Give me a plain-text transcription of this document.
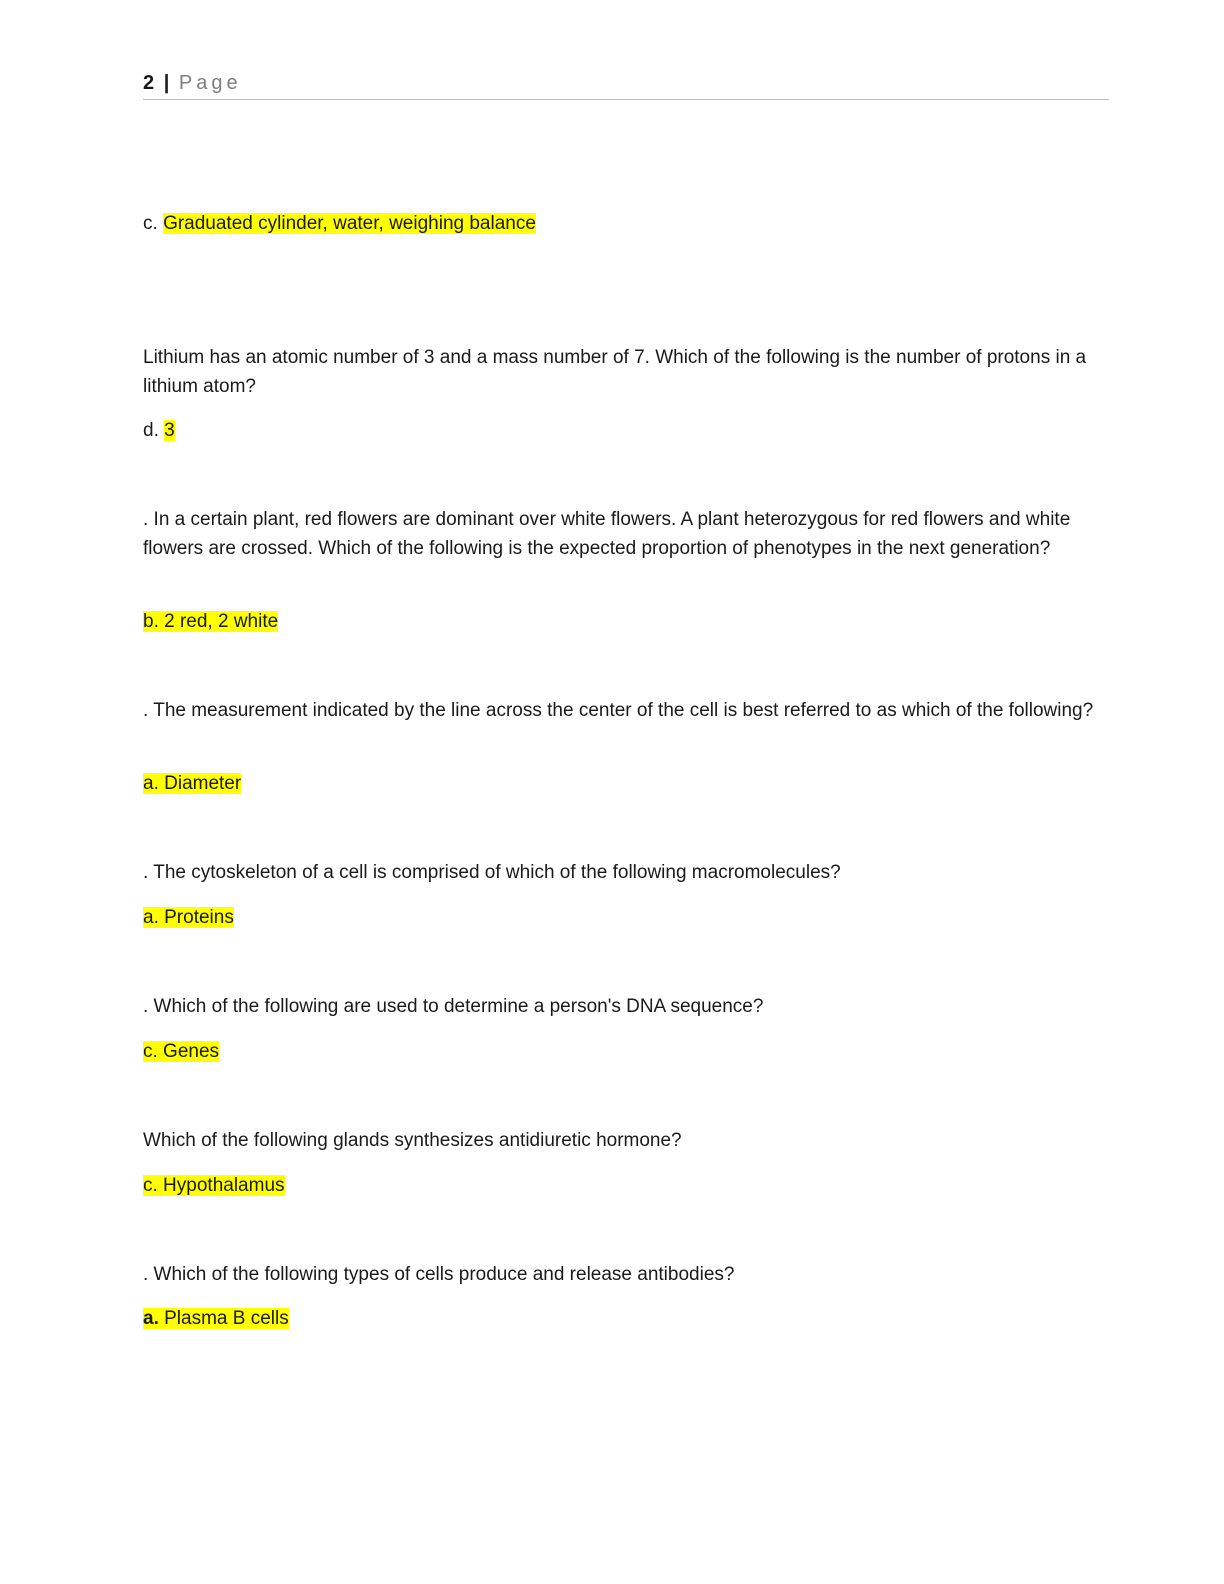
2 | Page
c. Graduated cylinder, water, weighing balance
Lithium has an atomic number of 3 and a mass number of 7. Which of the following is the number of protons in a lithium atom?
d. 3
. In a certain plant, red flowers are dominant over white flowers. A plant heterozygous for red flowers and white flowers are crossed. Which of the following is the expected proportion of phenotypes in the next generation?
b. 2 red, 2 white
. The measurement indicated by the line across the center of the cell is best referred to as which of the following?
a. Diameter
. The cytoskeleton of a cell is comprised of which of the following macromolecules?
a. Proteins
. Which of the following are used to determine a person's DNA sequence?
c. Genes
Which of the following glands synthesizes antidiuretic hormone?
c. Hypothalamus
. Which of the following types of cells produce and release antibodies?
a. Plasma B cells
